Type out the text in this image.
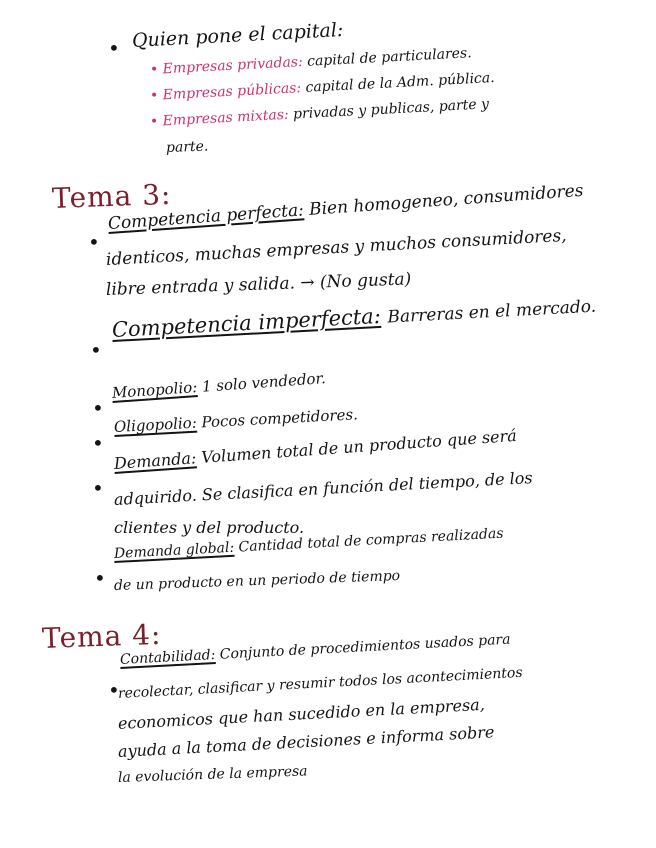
• Quien pone el capital:
• Empresas privadas: capital de particulares.
• Empresas públicas: capital de la Adm. pública.
• Empresas mixtas: privadas y publicas, parte y
parte.
Tema 3:
•
Competencia perfecta: Bien homogeneo, consumidores
identicos, muchas empresas y muchos consumidores,
libre entrada y salida. → (No gusta)
•
Competencia imperfecta: Barreras en el mercado.
•
Monopolio: 1 solo vendedor.
•
Oligopolio: Pocos competidores.
•
Demanda: Volumen total de un producto que será
adquirido. Se clasifica en función del tiempo, de los
clientes y del producto.
•
Demanda global: Cantidad total de compras realizadas
de un producto en un periodo de tiempo
Tema 4:
•
Contabilidad: Conjunto de procedimientos usados para
recolectar, clasificar y resumir todos los acontecimientos
economicos que han sucedido en la empresa,
ayuda a la toma de decisiones e informa sobre
la evolución de la empresa
